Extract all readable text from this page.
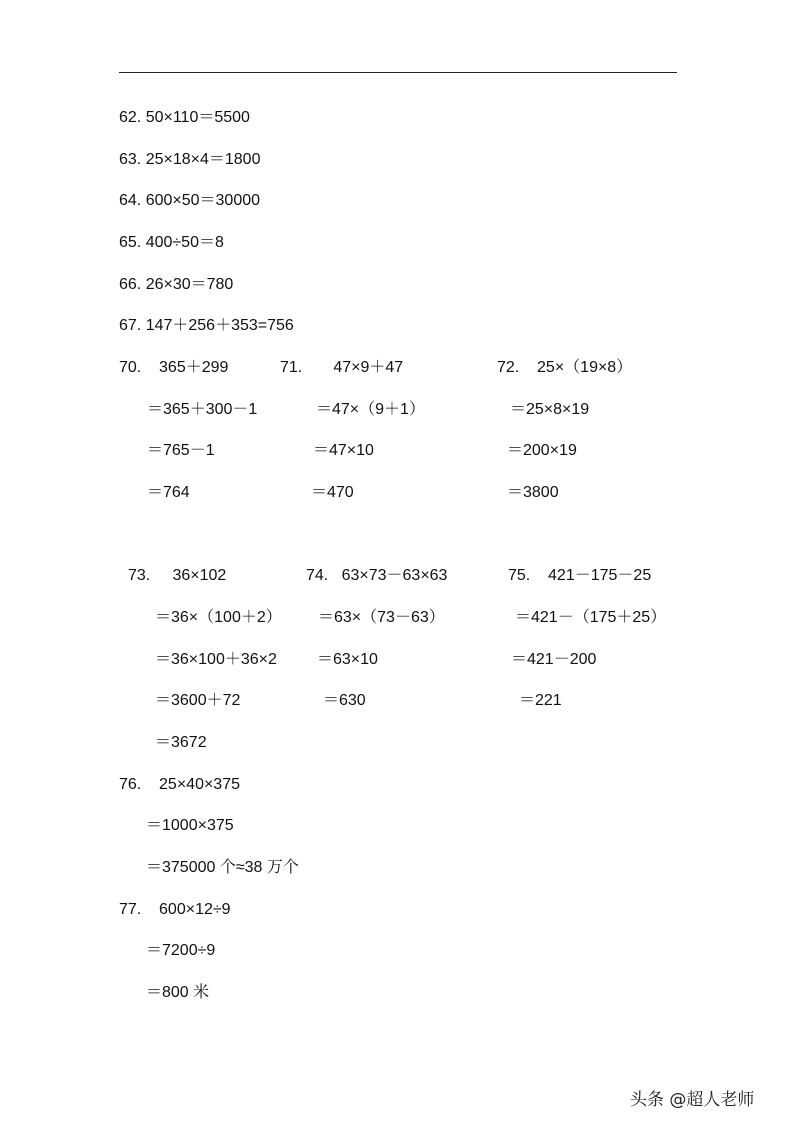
62. 50×110＝5500
63. 25×18×4＝1800
64. 600×50＝30000
65. 400÷50＝8
66. 26×30＝780
67. 147＋256＋353=756
70.    365＋299
＝365＋300－1
＝765－1
＝764
71.       47×9＋47
＝47×（9＋1）
＝47×10
＝470
72.    25×（19×8）
＝25×8×19
＝200×19
＝3800
73.     36×102
＝36×（100＋2）
＝36×100＋36×2
＝3600＋72
＝3672
74.   63×73－63×63
＝63×（73－63）
＝63×10
＝630
75.    421－175－25
＝421－（175＋25）
＝421－200
＝221
76.    25×40×375
＝1000×375
＝375000 个≈38 万个
77.    600×12÷9
＝7200÷9
＝800 米
头条 @超人老师
